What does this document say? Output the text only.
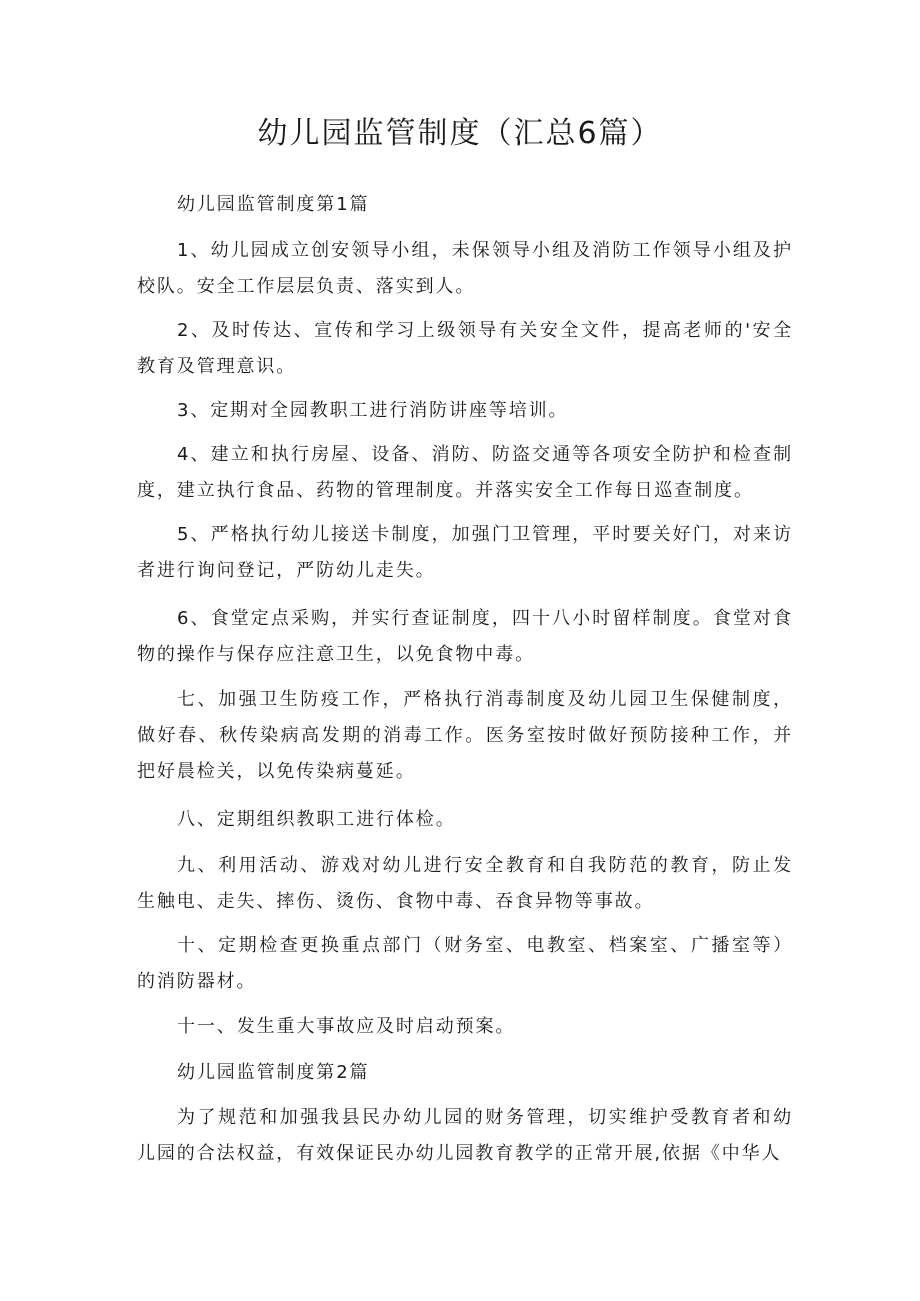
幼儿园监管制度（汇总6篇）

幼儿园监管制度第1篇

1、幼儿园成立创安领导小组，未保领导小组及消防工作领导小组及护校队。安全工作层层负责、落实到人。

2、及时传达、宣传和学习上级领导有关安全文件，提高老师的'安全教育及管理意识。

3、定期对全园教职工进行消防讲座等培训。

4、建立和执行房屋、设备、消防、防盗交通等各项安全防护和检查制度，建立执行食品、药物的管理制度。并落实安全工作每日巡查制度。

5、严格执行幼儿接送卡制度，加强门卫管理，平时要关好门，对来访者进行询问登记，严防幼儿走失。

6、食堂定点采购，并实行查证制度，四十八小时留样制度。食堂对食物的操作与保存应注意卫生，以免食物中毒。

七、加强卫生防疫工作，严格执行消毒制度及幼儿园卫生保健制度，做好春、秋传染病高发期的消毒工作。医务室按时做好预防接种工作，并把好晨检关，以免传染病蔓延。

八、定期组织教职工进行体检。

九、利用活动、游戏对幼儿进行安全教育和自我防范的教育，防止发生触电、走失、摔伤、烫伤、食物中毒、吞食异物等事故。

十、定期检查更换重点部门（财务室、电教室、档案室、广播室等）的消防器材。

十一、发生重大事故应及时启动预案。

幼儿园监管制度第2篇

为了规范和加强我县民办幼儿园的财务管理，切实维护受教育者和幼儿园的合法权益，有效保证民办幼儿园教育教学的正常开展,依据《中华人
